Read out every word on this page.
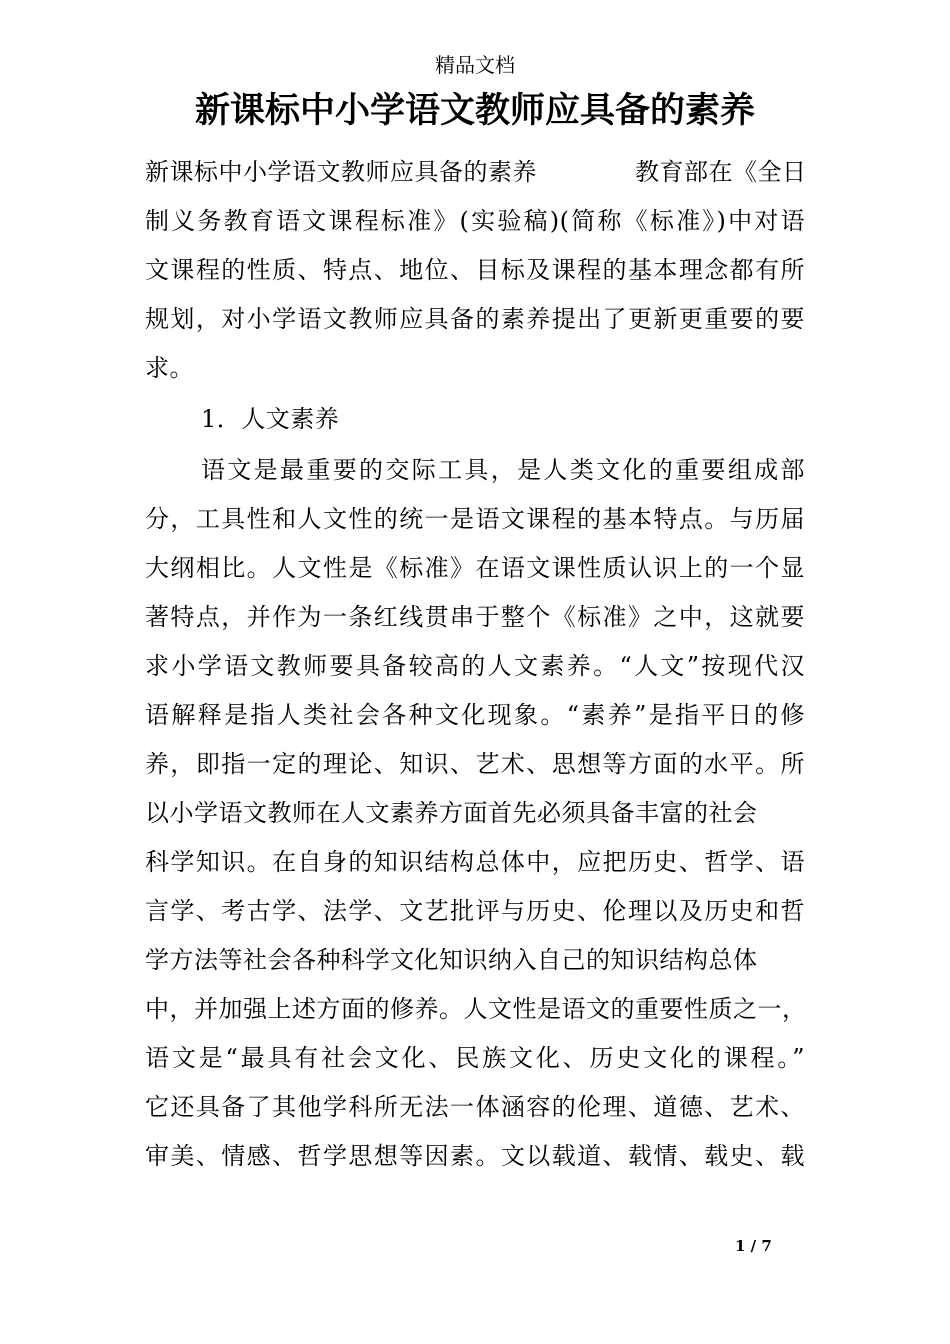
精品文档
新课标中小学语文教师应具备的素养
新课标中小学语文教师应具备的素养　　　　教育部在《全日
制义务教育语文课程标准》(实验稿)(简称《标准》)中对语
文课程的性质、特点、地位、目标及课程的基本理念都有所
规划，对小学语文教师应具备的素养提出了更新更重要的要
求。
1．人文素养
语文是最重要的交际工具，是人类文化的重要组成部
分，工具性和人文性的统一是语文课程的基本特点。与历届
大纲相比。人文性是《标准》在语文课性质认识上的一个显
著特点，并作为一条红线贯串于整个《标准》之中，这就要
求小学语文教师要具备较高的人文素养。“人文”按现代汉
语解释是指人类社会各种文化现象。“素养”是指平日的修
养，即指一定的理论、知识、艺术、思想等方面的水平。所
以小学语文教师在人文素养方面首先必须具备丰富的社会
科学知识。在自身的知识结构总体中，应把历史、哲学、语
言学、考古学、法学、文艺批评与历史、伦理以及历史和哲
学方法等社会各种科学文化知识纳入自己的知识结构总体
中，并加强上述方面的修养。人文性是语文的重要性质之一，
语文是“最具有社会文化、民族文化、历史文化的课程。”
它还具备了其他学科所无法一体涵容的伦理、道德、艺术、
审美、情感、哲学思想等因素。文以载道、载情、载史、载
1 / 7
